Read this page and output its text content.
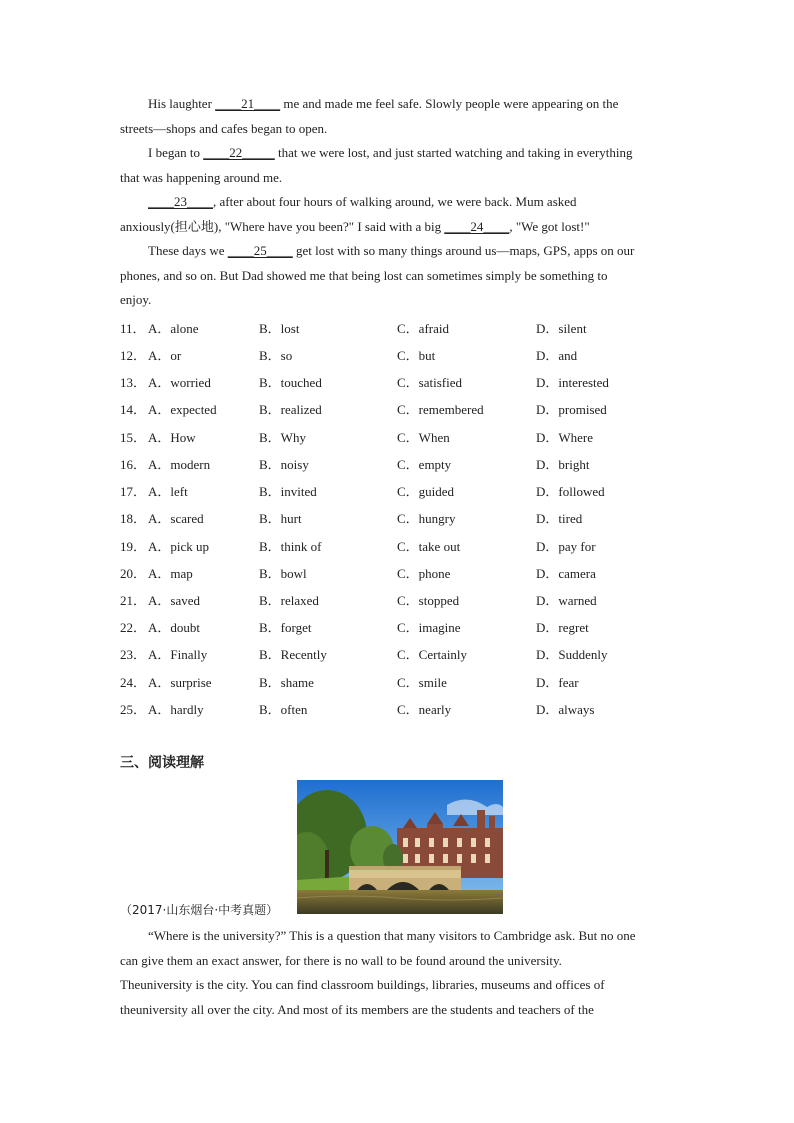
His laughter ____21____ me and made me feel safe. Slowly people were appearing on the
streets—shops and cafes began to open.
I began to ____22_____ that we were lost, and just started watching and taking in everything
that was happening around me.
____23____, after about four hours of walking around, we were back. Mum asked
anxiously(担心地), "Where have you been?" I said with a big ____24____, "We got lost!"
These days we ____25____ get lost with so many things around us—maps, GPS, apps on our
phones, and so on. But Dad showed me that being lost can sometimes simply be something to
enjoy.
11． A．alone	B．lost	C．afraid	D．silent
12． A．or	B．so	C．but	D．and
13． A．worried	B．touched	C．satisfied	D．interested
14． A．expected	B．realized	C．remembered	D．promised
15． A．How	B．Why	C．When	D．Where
16． A．modern	B．noisy	C．empty	D．bright
17． A．left	B．invited	C．guided	D．followed
18． A．scared	B．hurt	C．hungry	D．tired
19． A．pick up	B．think of	C．take out	D．pay for
20． A．map	B．bowl	C．phone	D．camera
21． A．saved	B．relaxed	C．stopped	D．warned
22． A．doubt	B．forget	C．imagine	D．regret
23． A．Finally	B．Recently	C．Certainly	D．Suddenly
24． A．surprise	B．shame	C．smile	D．fear
25． A．hardly	B．often	C．nearly	D．always
三、阅读理解
（2017·山东烟台·中考真题）
“Where is the university?” This is a question that many visitors to Cambridge ask. But no one
can give them an exact answer, for there is no wall to be found around the university.
Theuniversity is the city. You can find classroom buildings, libraries, museums and offices of
theuniversity all over the city. And most of its members are the students and teachers of the
